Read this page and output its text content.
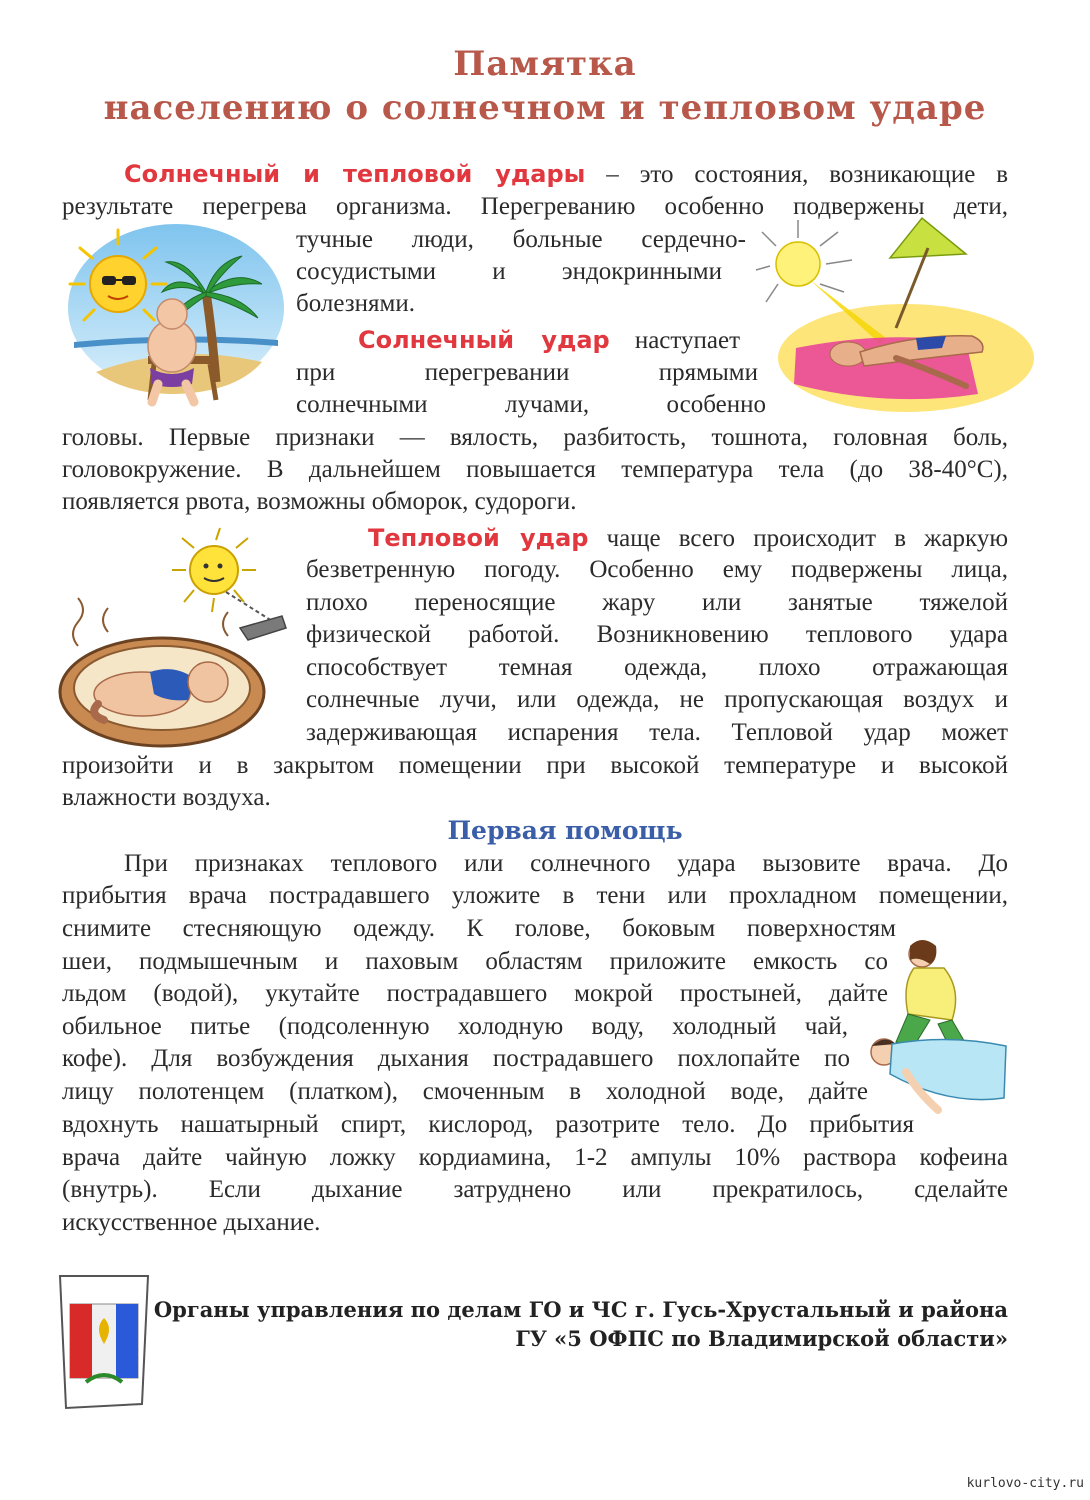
Памятка
населению о солнечном и тепловом ударе
Солнечный и тепловой удары – это состояния, возникающие в
результате перегрева организма. Перегреванию особенно подвержены дети,
тучные люди, больные сердечно-
сосудистыми и эндокринными
болезнями.
Солнечный удар наступает
при перегревании прямыми
солнечными лучами, особенно
головы. Первые признаки — вялость, разбитость, тошнота, головная боль,
головокружение. В дальнейшем повышается температура тела (до 38-40°С),
появляется рвота, возможны обморок, судороги.
Тепловой удар чаще всего происходит в жаркую
безветренную погоду. Особенно ему подвержены лица,
плохо переносящие жару или занятые тяжелой
физической работой. Возникновению теплового удара
способствует темная одежда, плохо отражающая
солнечные лучи, или одежда, не пропускающая воздух и
задерживающая испарения тела. Тепловой удар может
произойти и в закрытом помещении при высокой температуре и высокой
влажности воздуха.
Первая помощь
При признаках теплового или солнечного удара вызовите врача. До
прибытия врача пострадавшего уложите в тени или прохладном помещении,
снимите стесняющую одежду. К голове, боковым поверхностям
шеи, подмышечным и паховым областям приложите емкость со
льдом (водой), укутайте пострадавшего мокрой простыней, дайте
обильное питье (подсоленную холодную воду, холодный чай,
кофе). Для возбуждения дыхания пострадавшего похлопайте по
лицу полотенцем (платком), смоченным в холодной воде, дайте
вдохнуть нашатырный спирт, кислород, разотрите тело. До прибытия
врача дайте чайную ложку кордиамина, 1-2 ампулы 10% раствора кофеина
(внутрь). Если дыхание затруднено или прекратилось, сделайте
искусственное дыхание.
Органы управления по делам ГО и ЧС г. Гусь-Хрустальный и района
ГУ «5 ОФПС по Владимирской области»
kurlovo-city.ru
